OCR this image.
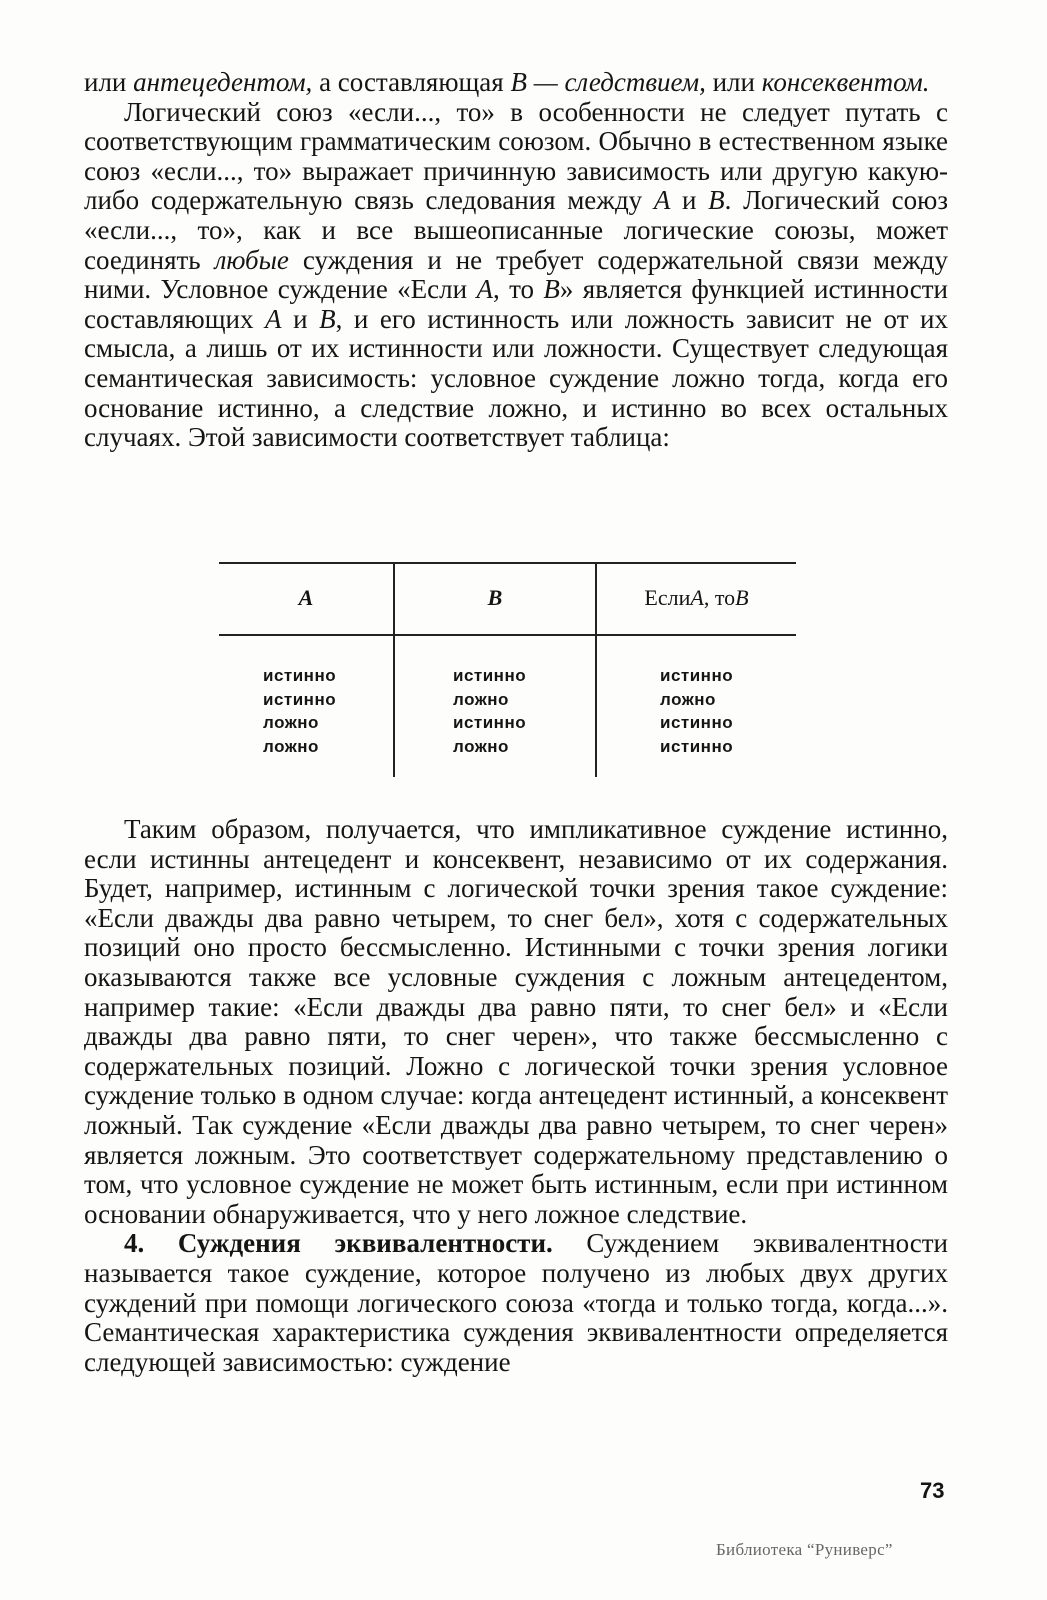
или антецедентом, а составляющая В — следствием, или консеквентом.

Логический союз «если..., то» в особенности не следует путать с соответствующим грамматическим союзом. Обычно в естественном языке союз «если..., то» выражает причинную зависимость или другую какую-либо содержательную связь следования между А и В. Логический союз «если..., то», как и все вышеописанные логические союзы, может соединять любые суждения и не требует содержательной связи между ними. Условное суждение «Если А, то В» является функцией истинности составляющих А и В, и его истинность или ложность зависит не от их смысла, а лишь от их истинности или ложности. Существует следующая семантическая зависимость: условное суждение ложно тогда, когда его основание истинно, а следствие ложно, и истинно во всех остальных случаях. Этой зависимости соответствует таблица:

A	B	Если A , то B
истинно
истинно
ложно
ложно
истинно
ложно
истинно
ложно
истинно
ложно
истинно
истинно

Таким образом, получается, что импликативное суждение истинно, если истинны антецедент и консеквент, независимо от их содержания. Будет, например, истинным с логической точки зрения такое суждение: «Если дважды два равно четырем, то снег бел», хотя с содержательных позиций оно просто бессмысленно. Истинными с точки зрения логики оказываются также все условные суждения с ложным антецедентом, например такие: «Если дважды два равно пяти, то снег бел» и «Если дважды два равно пяти, то снег черен», что также бессмысленно с содержательных позиций. Ложно с логической точки зрения условное суждение только в одном случае: когда антецедент истинный, а консеквент ложный. Так суждение «Если дважды два равно четырем, то снег черен» является ложным. Это соответствует содержательному представлению о том, что условное суждение не может быть истинным, если при истинном основании обнаруживается, что у него ложное следствие.

4. Суждения эквивалентности. Суждением эквивалентности называется такое суждение, которое получено из любых двух других суждений при помощи логического союза «тогда и только тогда, когда...». Семантическая характеристика суждения эквивалентности определяется следующей зависимостью: суждение

73
Библиотека “Руниверс”
